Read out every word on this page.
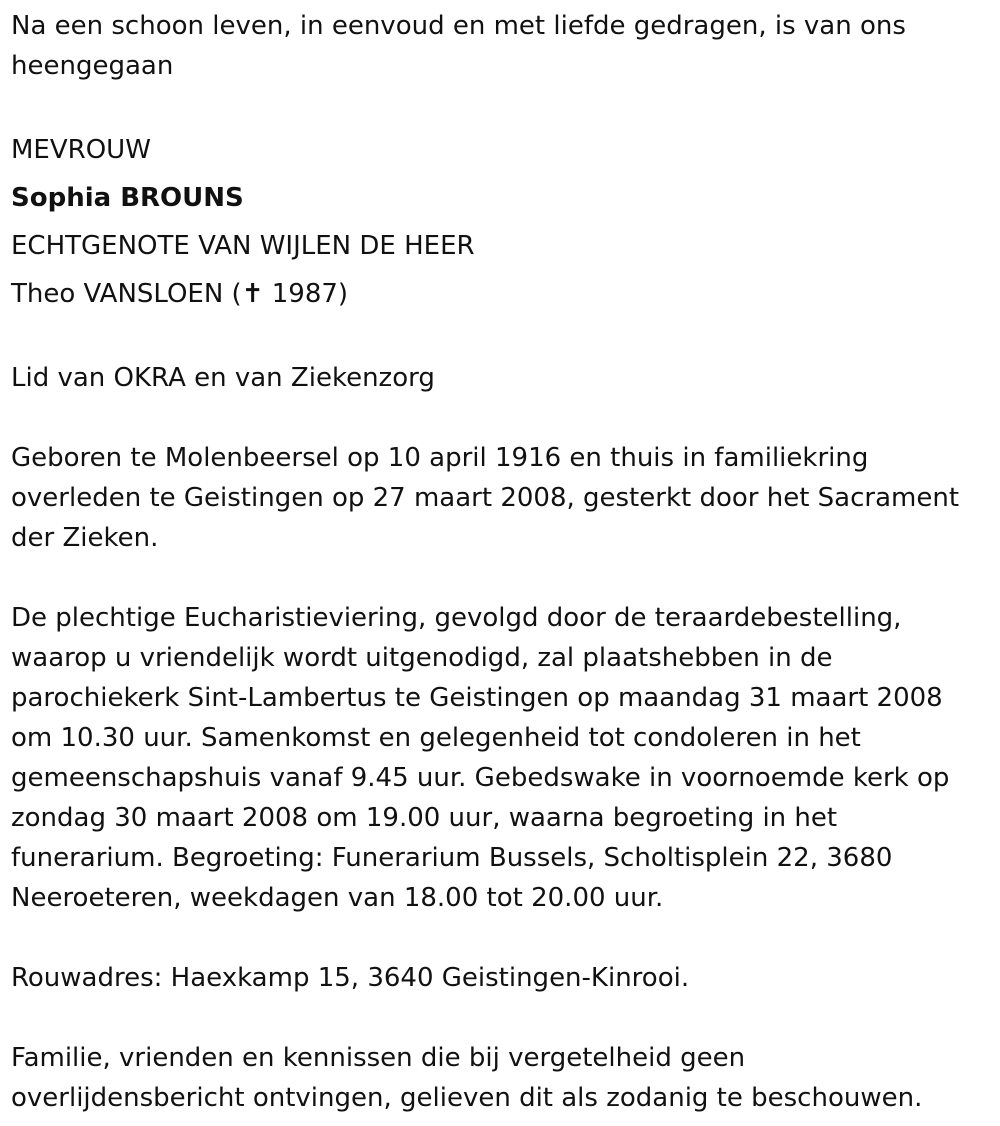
Na een schoon leven, in eenvoud en met liefde gedragen, is van ons

heengegaan

MEVROUW

Sophia BROUNS

ECHTGENOTE VAN WIJLEN DE HEER

Theo VANSLOEN (✝ 1987)

Lid van OKRA en van Ziekenzorg

Geboren te Molenbeersel op 10 april 1916 en thuis in familiekring

overleden te Geistingen op 27 maart 2008, gesterkt door het Sacrament

der Zieken.

De plechtige Eucharistieviering, gevolgd door de teraardebestelling,

waarop u vriendelijk wordt uitgenodigd, zal plaatshebben in de

parochiekerk Sint-Lambertus te Geistingen op maandag 31 maart 2008

om 10.30 uur. Samenkomst en gelegenheid tot condoleren in het

gemeenschapshuis vanaf 9.45 uur. Gebedswake in voornoemde kerk op

zondag 30 maart 2008 om 19.00 uur, waarna begroeting in het

funerarium. Begroeting: Funerarium Bussels, Scholtisplein 22, 3680

Neeroeteren, weekdagen van 18.00 tot 20.00 uur.

Rouwadres: Haexkamp 15, 3640 Geistingen-Kinrooi.

Familie, vrienden en kennissen die bij vergetelheid geen

overlijdensbericht ontvingen, gelieven dit als zodanig te beschouwen.
